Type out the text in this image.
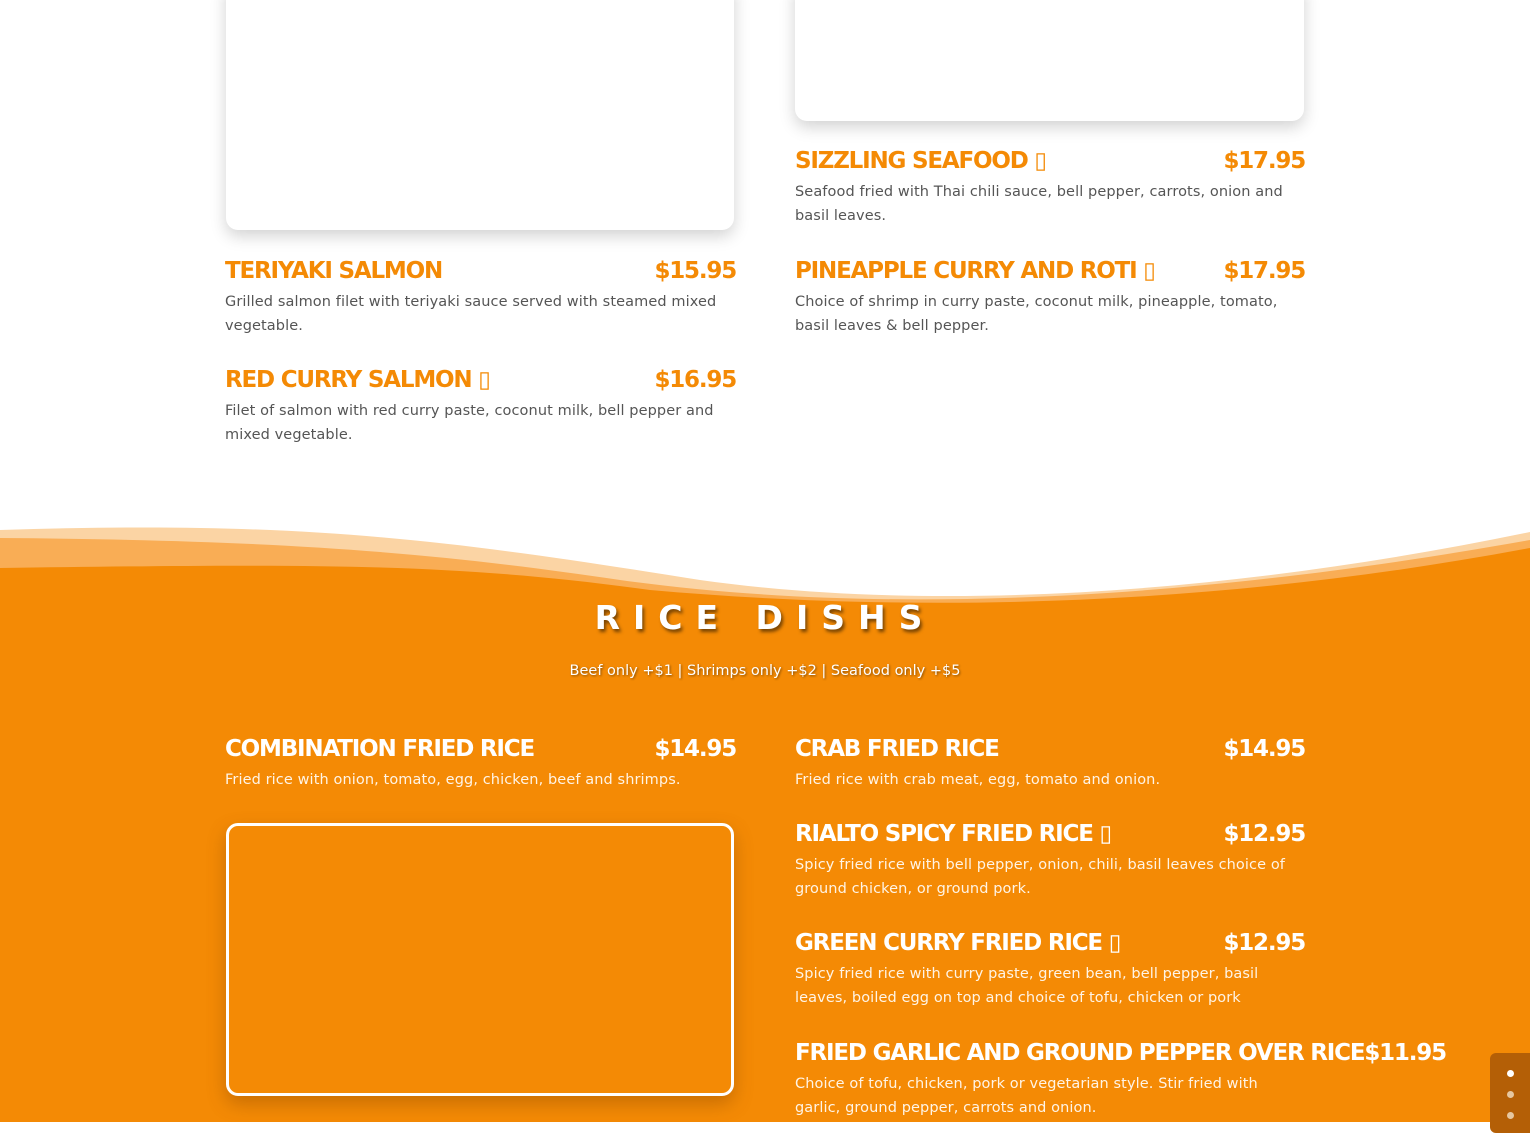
TERIYAKI SALMON	$15.95
Grilled salmon filet with teriyaki sauce served with steamed mixed vegetable.
RED CURRY SALMON ▯	$16.95
Filet of salmon with red curry paste, coconut milk, bell pepper and mixed vegetable.
SIZZLING SEAFOOD ▯	$17.95
Seafood fried with Thai chili sauce, bell pepper, carrots, onion and basil leaves.
PINEAPPLE CURRY AND ROTI ▯	$17.95
Choice of shrimp in curry paste, coconut milk, pineapple, tomato, basil leaves & bell pepper.
RICE DISHS
Beef only +$1 | Shrimps only +$2 | Seafood only +$5
COMBINATION FRIED RICE	$14.95
Fried rice with onion, tomato, egg, chicken, beef and shrimps.
CRAB FRIED RICE	$14.95
Fried rice with crab meat, egg, tomato and onion.
RIALTO SPICY FRIED RICE ▯	$12.95
Spicy fried rice with bell pepper, onion, chili, basil leaves choice of ground chicken, or ground pork.
GREEN CURRY FRIED RICE ▯	$12.95
Spicy fried rice with curry paste, green bean, bell pepper, basil leaves, boiled egg on top and choice of tofu, chicken or pork
FRIED GARLIC AND GROUND PEPPER OVER RICE $11.95
Choice of tofu, chicken, pork or vegetarian style. Stir fried with garlic, ground pepper, carrots and onion.
